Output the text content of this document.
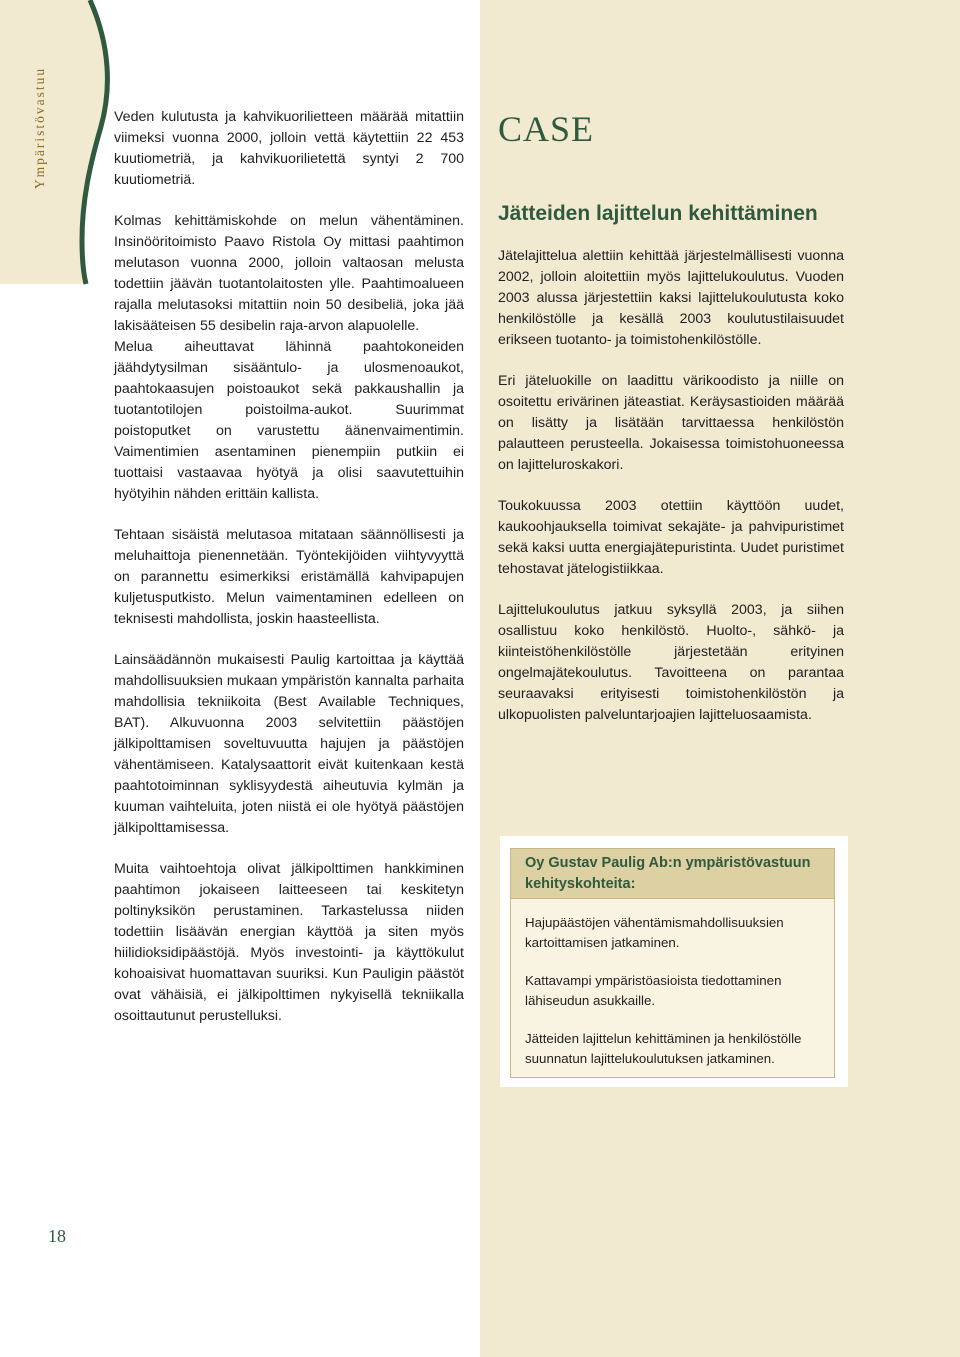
Ympäristövastuu	Veden kulutusta ja kahvikuorilietteen määrää mitattiin viimeksi vuonna 2000, jolloin vettä käytettiin 22 453 kuutiometriä, ja kahvikuorilietettä syntyi 2 700 kuutiometriä.

Kolmas kehittämiskohde on melun vähentäminen. Insinööritoimisto Paavo Ristola Oy mittasi paahtimon melutason vuonna 2000, jolloin valtaosan melusta todettiin jäävän tuotantolaitosten ylle. Paahtimoalueen rajalla melutasoksi mitattiin noin 50 desibeliä, joka jää lakisääteisen 55 desibelin raja-arvon alapuolelle.

Melua aiheuttavat lähinnä paahtokoneiden jäähdytysilman sisääntulo- ja ulosmenoaukot, paahtokaasujen poistoaukot sekä pakkaushallin ja tuotantotilojen poistoilma-aukot. Suurimmat poistoputket on varustettu äänenvaimentimin. Vaimentimien asentaminen pienempiin putkiin ei tuottaisi vastaavaa hyötyä ja olisi saavutettuihin hyötyihin nähden erittäin kallista.

Tehtaan sisäistä melutasoa mitataan säännöllisesti ja meluhaittoja pienennetään. Työntekijöiden viihtyvyyttä on parannettu esimerkiksi eristämällä kahvipapujen kuljetusputkisto. Melun vaimentaminen edelleen on teknisesti mahdollista, joskin haasteellista.

Lainsäädännön mukaisesti Paulig kartoittaa ja käyttää mahdollisuuksien mukaan ympäristön kannalta parhaita mahdollisia tekniikoita (Best Available Techniques, BAT). Alkuvuonna 2003 selvitettiin päästöjen jälkipolttamisen soveltuvuutta hajujen ja päästöjen vähentämiseen. Katalysaattorit eivät kuitenkaan kestä paahtotoiminnan syklisyydestä aiheutuvia kylmän ja kuuman vaihteluita, joten niistä ei ole hyötyä päästöjen jälkipolttamisessa.

Muita vaihtoehtoja olivat jälkipolttimen hankkiminen paahtimon jokaiseen laitteeseen tai keskitetyn poltinyksikön perustaminen. Tarkastelussa niiden todettiin lisäävän energian käyttöä ja siten myös hiilidioksidipäästöjä. Myös investointi- ja käyttökulut kohoaisivat huomattavan suuriksi. Kun Pauligin päästöt ovat vähäisiä, ei jälkipolttimen nykyisellä tekniikalla osoittautunut perustelluksi.

CASE
Jätteiden lajittelun kehittäminen

Jätelajittelua alettiin kehittää järjestelmällisesti vuonna 2002, jolloin aloitettiin myös lajittelukoulutus. Vuoden 2003 alussa järjestettiin kaksi lajittelukoulutusta koko henkilöstölle ja kesällä 2003 koulutustilaisuudet erikseen tuotanto- ja toimistohenkilöstölle.

Eri jäteluokille on laadittu värikoodisto ja niille on osoitettu erivärinen jäteastiat. Keräysastioiden määrää on lisätty ja lisätään tarvittaessa henkilöstön palautteen perusteella. Jokaisessa toimistohuoneessa on lajitteluroskakori.

Toukokuussa 2003 otettiin käyttöön uudet, kaukoohjauksella toimivat sekajäte- ja pahvipuristimet sekä kaksi uutta energiajätepuristinta. Uudet puristimet tehostavat jätelogistiikkaa.

Lajittelukoulutus jatkuu syksyllä 2003, ja siihen osallistuu koko henkilöstö. Huolto-, sähkö- ja kiinteistöhenkilöstölle järjestetään erityinen ongelmajätekoulutus. Tavoitteena on parantaa seuraavaksi erityisesti toimistohenkilöstön ja ulkopuolisten palveluntarjoajien lajitteluosaamista.

Oy Gustav Paulig Ab:n ympäristövastuun kehityskohteita:
Hajupäästöjen vähentämismahdollisuuksien kartoittamisen jatkaminen.
Kattavampi ympäristöasioista tiedottaminen lähiseudun asukkaille.
Jätteiden lajittelun kehittäminen ja henkilöstölle suunnatun lajittelukoulutuksen jatkaminen.
18
